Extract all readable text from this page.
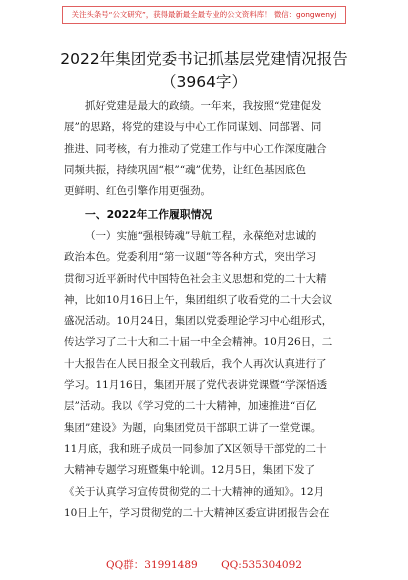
关注头条号“公文研究”，获得最新最全最专业的公文资料库！ 微信：gongwenyj
2022年集团党委书记抓基层党建情况报告
（3964字）
抓好党建是最大的政绩。一年来，我按照“党建促发
展”的思路，将党的建设与中心工作同谋划、同部署、同
推进、同考核，有力推动了党建工作与中心工作深度融合
同频共振，持续巩固“根”“魂”优势，让红色基因底色
更鲜明、红色引擎作用更强劲。
一、2022年工作履职情况
（一）实施“强根铸魂”导航工程，永葆绝对忠诚的
政治本色。党委利用“第一议题”等各种方式，突出学习
贯彻习近平新时代中国特色社会主义思想和党的二十大精
神，比如10月16日上午，集团组织了收看党的二十大会议
盛况活动。10月24日，集团以党委理论学习中心组形式，
传达学习了二十大和二十届一中全会精神。10月26日，二
十大报告在人民日报全文刊载后，我个人再次认真进行了
学习。11月16日，集团开展了党代表讲党课暨“学深悟透
层”活动。我以《学习党的二十大精神，加速推进“百亿
集团”建设》为题，向集团党员干部职工讲了一堂党课。
11月底，我和班子成员一同参加了X区领导干部党的二十
大精神专题学习班暨集中轮训。12月5日，集团下发了
《关于认真学习宣传贯彻党的二十大精神的通知》。12月
10日上午，学习贯彻党的二十大精神区委宣讲团报告会在
QQ群：31991489 QQ:535304092
